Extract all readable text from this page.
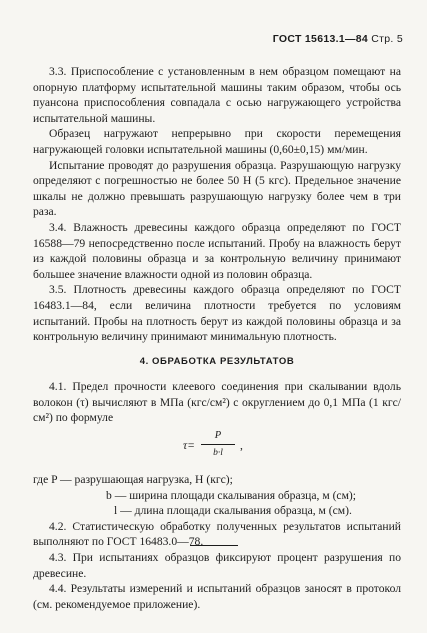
ГОСТ 15613.1—84 Стр. 5

3.3. Приспособление с установленным в нем образцом помещают на опорную платформу испытательной машины таким образом, чтобы ось пуансона приспособления совпадала с осью нагружающего устройства испытательной машины.

Образец нагружают непрерывно при скорости перемещения нагружающей головки испытательной машины (0,60±0,15) мм/мин.

Испытание проводят до разрушения образца. Разрушающую нагрузку определяют с погрешностью не более 50 Н (5 кгс). Предельное значение шкалы не должно превышать разрушающую нагрузку более чем в три раза.

3.4. Влажность древесины каждого образца определяют по ГОСТ 16588—79 непосредственно после испытаний. Пробу на влажность берут из каждой половины образца и за контрольную величину принимают большее значение влажности одной из половин образца.

3.5. Плотность древесины каждого образца определяют по ГОСТ 16483.1—84, если величина плотности требуется по условиям испытаний. Пробы на плотность берут из каждой половины образца и за контрольную величину принимают минимальную плотность.

4. ОБРАБОТКА РЕЗУЛЬТАТОВ

4.1. Предел прочности клеевого соединения при скалывании вдоль волокон (τ) вычисляют в МПа (кгс/см²) с округлением до 0,1 МПа (1 кгс/см²) по формуле

τ=
P
b·l
,
где P — разрушающая нагрузка, Н (кгс);
b — ширина площади скалывания образца, м (см);
l — длина площади скалывания образца, м (см).

4.2. Статистическую обработку полученных результатов испытаний выполняют по ГОСТ 16483.0—78.

4.3. При испытаниях образцов фиксируют процент разрушения по древесине.

4.4. Результаты измерений и испытаний образцов заносят в протокол (см. рекомендуемое приложение).
